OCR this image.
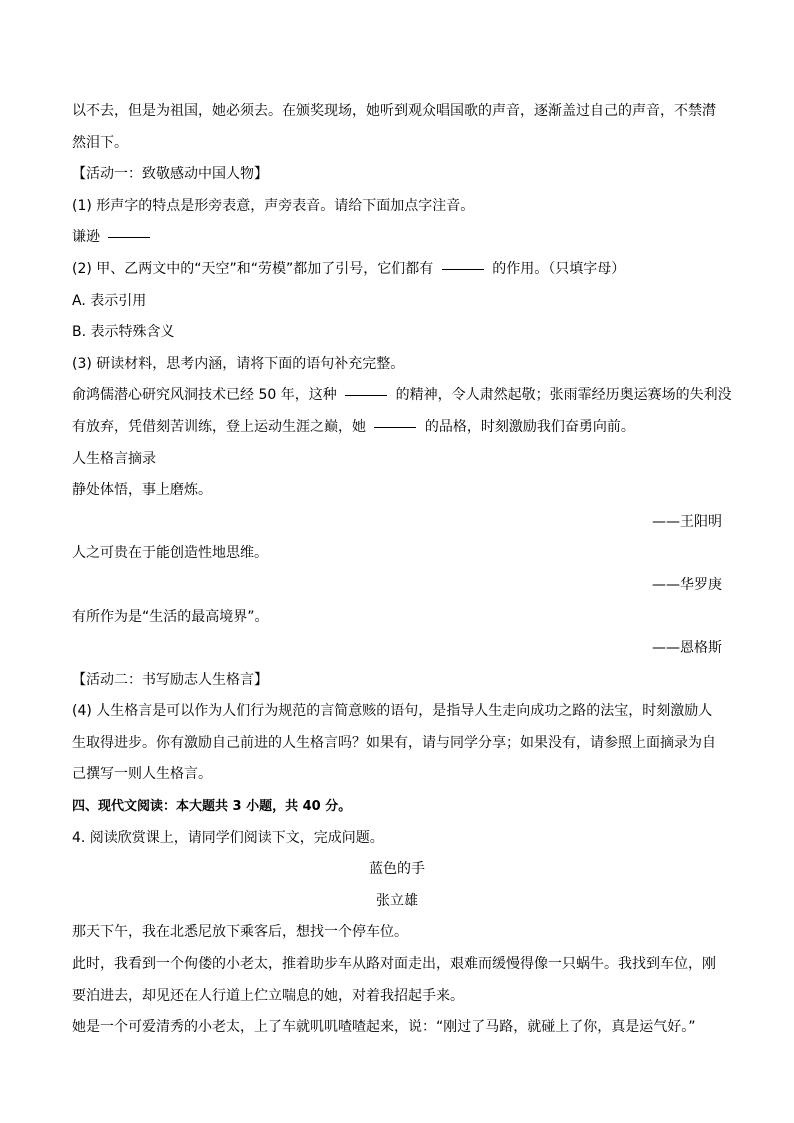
以不去，但是为祖国，她必须去。在颁奖现场，她听到观众唱国歌的声音，逐渐盖过自己的声音，不禁潸
然泪下。
【活动一：致敬感动中国人物】
(1) 形声字的特点是形旁表意，声旁表音。请给下面加点字注音。
谦逊
(2) 甲、乙两文中的“天空”和“劳模”都加了引号，它们都有	的作用。（只填字母）
A. 表示引用
B. 表示特殊含义
(3) 研读材料，思考内涵，请将下面的语句补充完整。
俞鸿儒潜心研究风洞技术已经 50 年，这种	的精神，令人肃然起敬；张雨霏经历奥运赛场的失利没
有放弃，凭借刻苦训练，登上运动生涯之巅，她	的品格，时刻激励我们奋勇向前。
人生格言摘录
静处体悟，事上磨炼。
——王阳明
人之可贵在于能创造性地思维。
——华罗庚
有所作为是“生活的最高境界”。
——恩格斯
【活动二：书写励志人生格言】
(4) 人生格言是可以作为人们行为规范的言简意赅的语句，是指导人生走向成功之路的法宝，时刻激励人
生取得进步。你有激励自己前进的人生格言吗？如果有，请与同学分享；如果没有，请参照上面摘录为自
己撰写一则人生格言。
四、现代文阅读：本大题共 3 小题，共 40 分。
4. 阅读欣赏课上，请同学们阅读下文，完成问题。
蓝色的手
张立雄
那天下午，我在北悉尼放下乘客后，想找一个停车位。
此时，我看到一个佝偻的小老太，推着助步车从路对面走出，艰难而缓慢得像一只蜗牛。我找到车位，刚
要泊进去，却见还在人行道上伫立喘息的她，对着我招起手来。
她是一个可爱清秀的小老太，上了车就叽叽喳喳起来，说：“刚过了马路，就碰上了你，真是运气好。”
